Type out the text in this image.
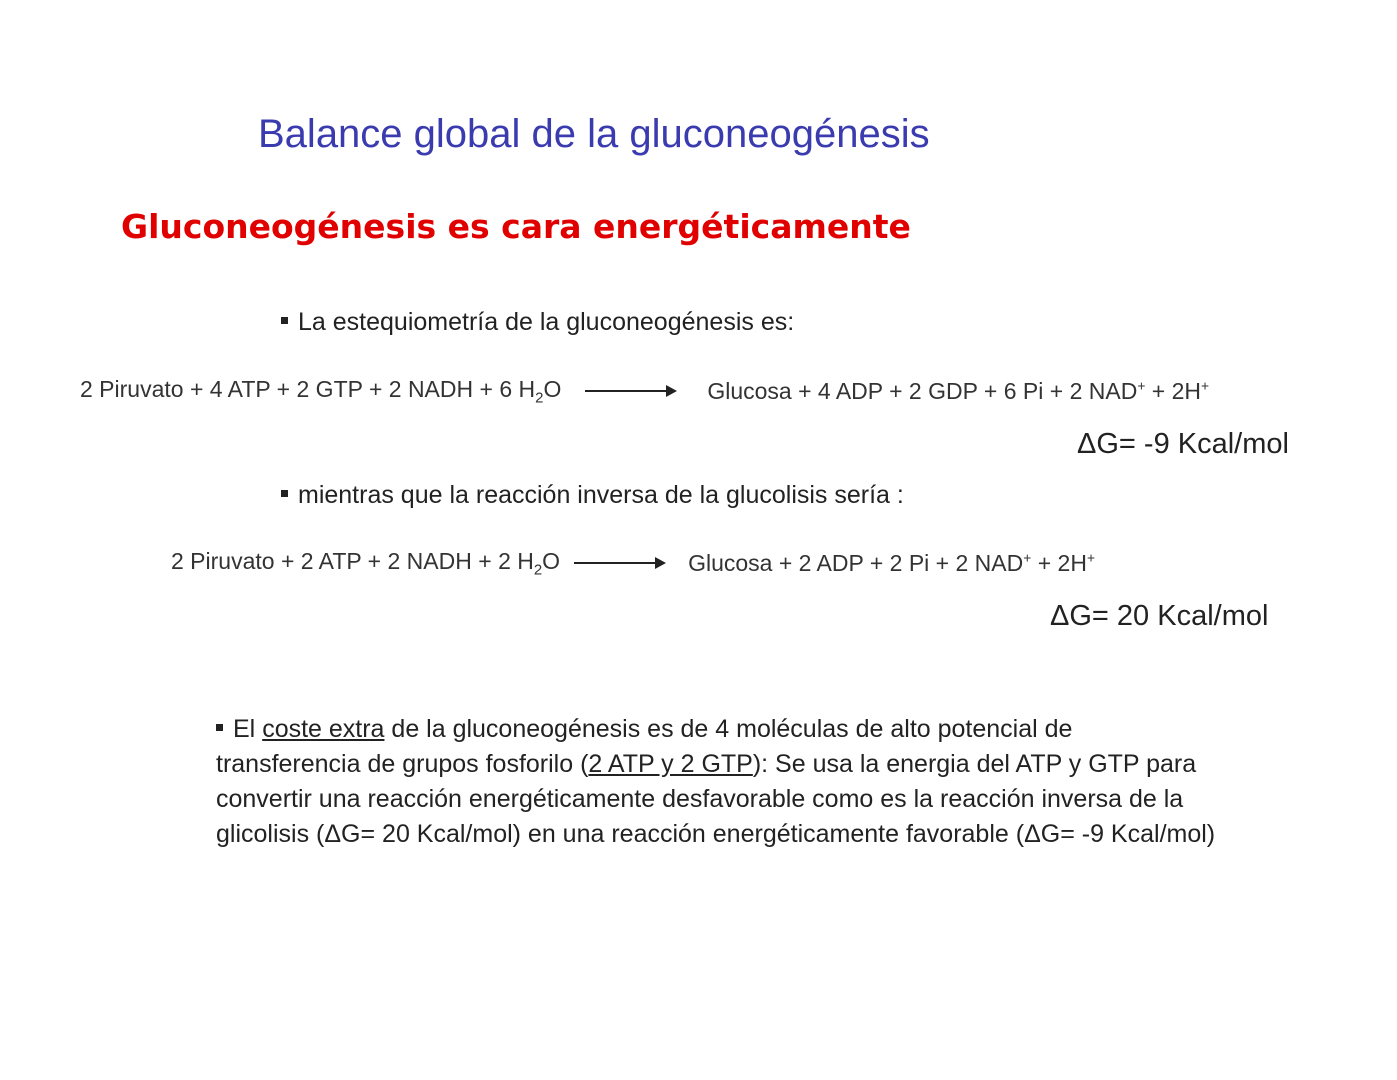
Balance global de la gluconeogénesis
Gluconeogénesis es cara energéticamente
La estequiometría de la gluconeogénesis es:
2 Piruvato + 4 ATP + 2 GTP + 2 NADH + 6 $H_2O$	Glucosa + 4 ADP + 2 GDP + 6 Pi + 2 NAD+ + 2H+
ΔG= -9 Kcal/mol
mientras que la reacción inversa de la glucolisis sería :
2 Piruvato + 2 ATP + 2 NADH + 2 $H_2O$	Glucosa + 2 ADP + 2 Pi + 2 NAD+ + 2H+
ΔG= 20 Kcal/mol
El coste extra de la gluconeogénesis es de 4 moléculas de alto potencial de transferencia de grupos fosforilo (2 ATP y 2 GTP): Se usa la energia del ATP y GTP para convertir una reacción energéticamente desfavorable como es la reacción inversa de la glicolisis (ΔG= 20 Kcal/mol) en una reacción energéticamente favorable (ΔG= -9 Kcal/mol)
